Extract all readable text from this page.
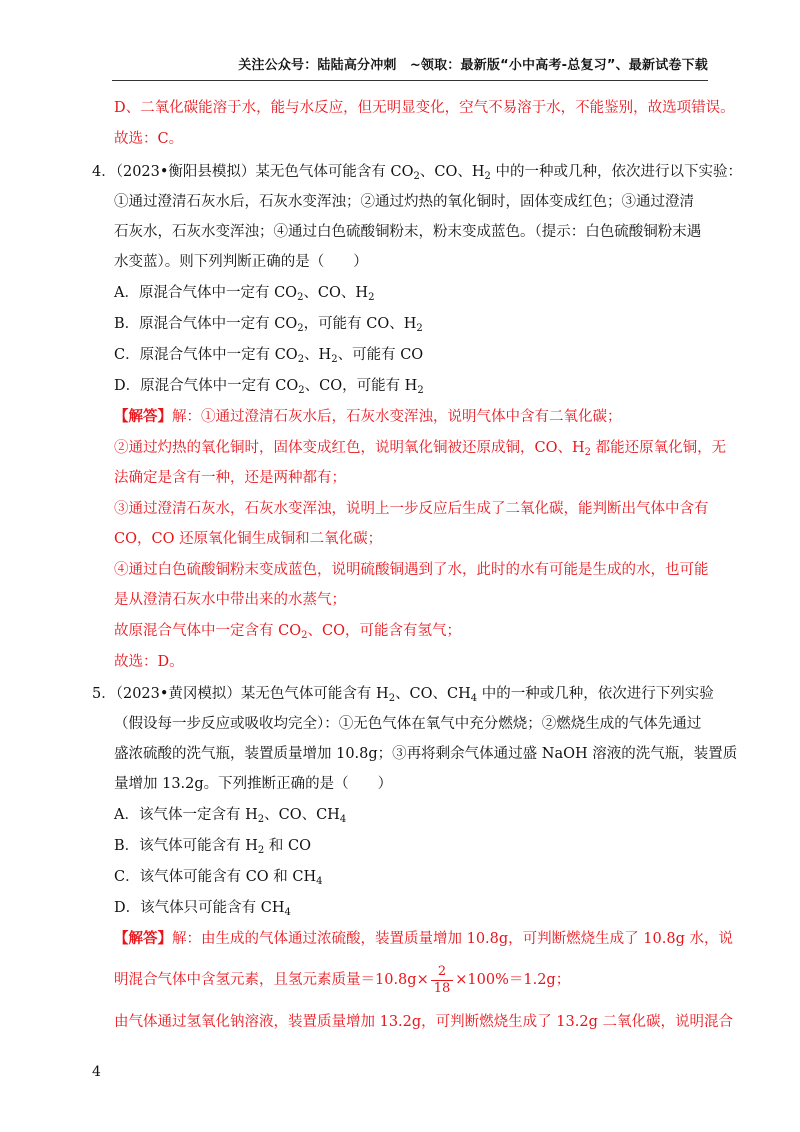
关注公众号：陆陆高分冲刺　~领取：最新版“小中高考-总复习”、最新试卷下载
D、二氧化碳能溶于水，能与水反应，但无明显变化，空气不易溶于水，不能鉴别，故选项错误。
故选：C。
4．（2023•衡阳县模拟）某无色气体可能含有 $CO_2$、CO、$H_2$ 中的一种或几种，依次进行以下实验：
①通过澄清石灰水后，石灰水变浑浊；②通过灼热的氧化铜时，固体变成红色；③通过澄清
石灰水，石灰水变浑浊；④通过白色硫酸铜粉末，粉末变成蓝色。（提示：白色硫酸铜粉末遇
水变蓝）。则下列判断正确的是（　　）
A．原混合气体中一定有 $CO_2$、CO、$H_2$
B．原混合气体中一定有 $CO_2$，可能有 CO、$H_2$
C．原混合气体中一定有 $CO_2$、$H_2$、可能有 CO
D．原混合气体中一定有 $CO_2$、CO，可能有 $H_2$
【解答】解：①通过澄清石灰水后，石灰水变浑浊，说明气体中含有二氧化碳；
②通过灼热的氧化铜时，固体变成红色，说明氧化铜被还原成铜，CO、$H_2$ 都能还原氧化铜，无
法确定是含有一种，还是两种都有；
③通过澄清石灰水，石灰水变浑浊，说明上一步反应后生成了二氧化碳，能判断出气体中含有
CO，CO 还原氧化铜生成铜和二氧化碳；
④通过白色硫酸铜粉末变成蓝色，说明硫酸铜遇到了水，此时的水有可能是生成的水，也可能
是从澄清石灰水中带出来的水蒸气；
故原混合气体中一定含有 $CO_2$、CO，可能含有氢气；
故选：D。
5．（2023•黄冈模拟）某无色气体可能含有 $H_2$、CO、$CH_4$ 中的一种或几种，依次进行下列实验
（假设每一步反应或吸收均完全）：①无色气体在氧气中充分燃烧；②燃烧生成的气体先通过
盛浓硫酸的洗气瓶，装置质量增加 10.8g；③再将剩余气体通过盛 NaOH 溶液的洗气瓶，装置质
量增加 13.2g。下列推断正确的是（　　）
A．该气体一定含有 $H_2$、CO、$CH_4$
B．该气体可能含有 $H_2$ 和 CO
C．该气体可能含有 CO 和 $CH_4$
D．该气体只可能含有 $CH_4$
【解答】解：由生成的气体通过浓硫酸，装置质量增加 10.8g，可判断燃烧生成了 10.8g 水，说
明混合气体中含氢元素，且氢元素质量$=10.8g\times \frac{2}{18} \times 100\%=1.2g$；
由气体通过氢氧化钠溶液，装置质量增加 13.2g，可判断燃烧生成了 13.2g 二氧化碳，说明混合
4
